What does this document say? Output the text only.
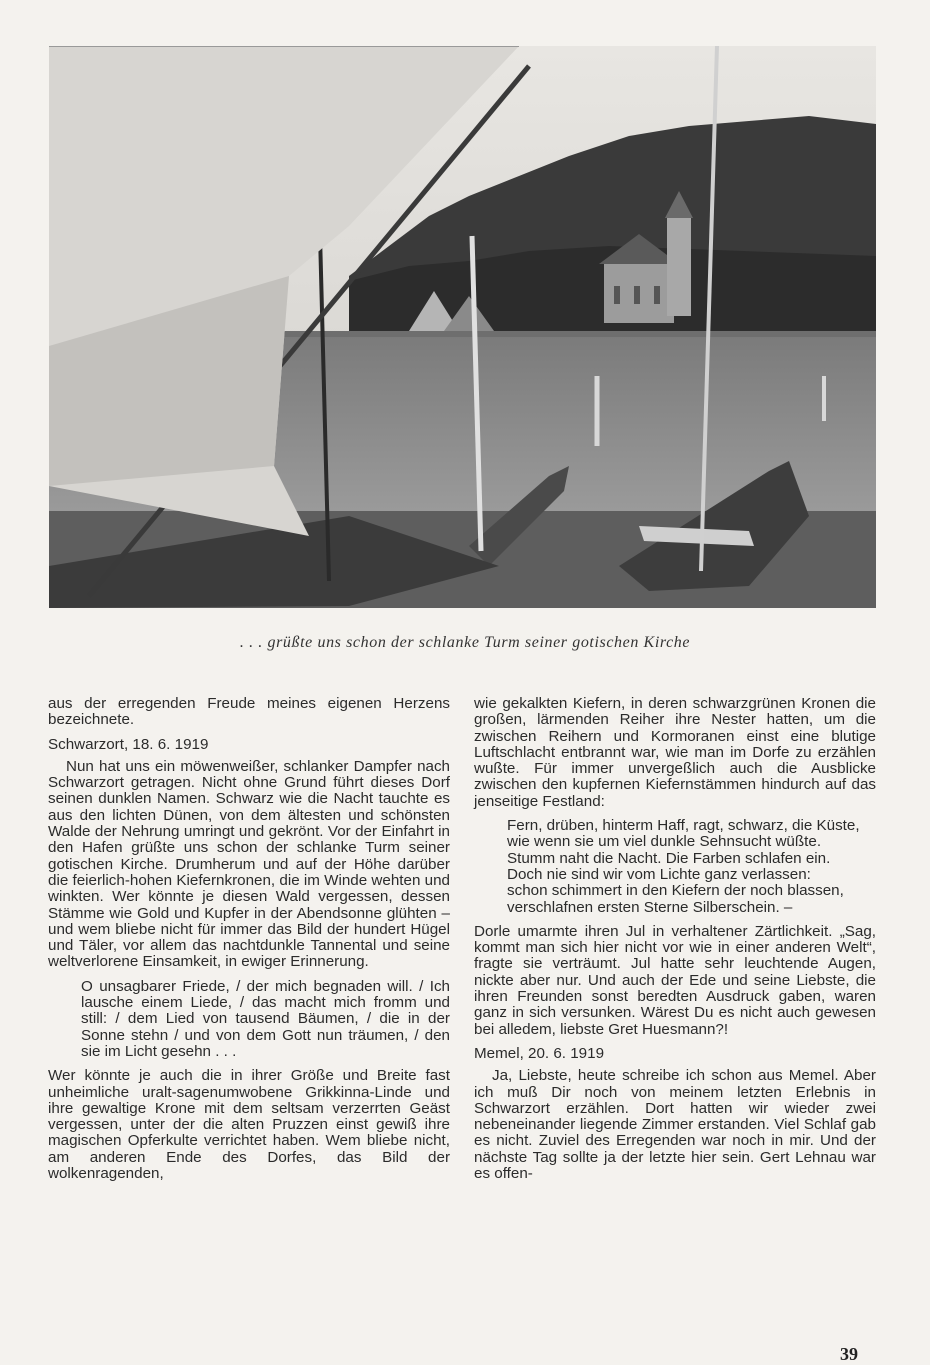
. . . grüßte uns schon der schlanke Turm seiner gotischen Kirche

aus der erregenden Freude meines eigenen Herzens bezeichnete.

Schwarzort, 18. 6. 1919

Nun hat uns ein möwenweißer, schlanker Dampfer nach Schwarzort getragen. Nicht ohne Grund führt dieses Dorf seinen dunklen Namen. Schwarz wie die Nacht tauchte es aus den lichten Dünen, von dem ältesten und schönsten Walde der Nehrung umringt und gekrönt. Vor der Einfahrt in den Hafen grüßte uns schon der schlanke Turm seiner gotischen Kirche. Drumherum und auf der Höhe darüber die feierlich-hohen Kiefernkronen, die im Winde wehten und winkten. Wer könnte je diesen Wald vergessen, dessen Stämme wie Gold und Kupfer in der Abendsonne glühten – und wem bliebe nicht für immer das Bild der hundert Hügel und Täler, vor allem das nachtdunkle Tannental und seine weltverlorene Einsamkeit, in ewiger Erinnerung.

O unsagbarer Friede, / der mich begnaden will. / Ich lausche einem Liede, / das macht mich fromm und still: / dem Lied von tausend Bäumen, / die in der Sonne stehn / und von dem Gott nun träumen, / den sie im Licht gesehn . . .

Wer könnte je auch die in ihrer Größe und Breite fast unheimliche uralt-sagenumwobene Grikkinna-Linde und ihre gewaltige Krone mit dem seltsam verzerrten Geäst vergessen, unter der die alten Pruzzen einst gewiß ihre magischen Opferkulte verrichtet haben. Wem bliebe nicht, am anderen Ende des Dorfes, das Bild der wolkenragenden,

wie gekalkten Kiefern, in deren schwarzgrünen Kronen die großen, lärmenden Reiher ihre Nester hatten, um die zwischen Reihern und Kormoranen einst eine blutige Luftschlacht entbrannt war, wie man im Dorfe zu erzählen wußte. Für immer unvergeßlich auch die Ausblicke zwischen den kupfernen Kiefernstämmen hindurch auf das jenseitige Festland:

Fern, drüben, hinterm Haff, ragt, schwarz, die Küste,
wie wenn sie um viel dunkle Sehnsucht wüßte.
Stumm naht die Nacht. Die Farben schlafen ein.
Doch nie sind wir vom Lichte ganz verlassen:
schon schimmert in den Kiefern der noch blassen,
verschlafnen ersten Sterne Silberschein. –

Dorle umarmte ihren Jul in verhaltener Zärtlichkeit. „Sag, kommt man sich hier nicht vor wie in einer anderen Welt“, fragte sie verträumt. Jul hatte sehr leuchtende Augen, nickte aber nur. Und auch der Ede und seine Liebste, die ihren Freunden sonst beredten Ausdruck gaben, waren ganz in sich versunken. Wärest Du es nicht auch gewesen bei alledem, liebste Gret Huesmann?!

Memel, 20. 6. 1919

Ja, Liebste, heute schreibe ich schon aus Memel. Aber ich muß Dir noch von meinem letzten Erlebnis in Schwarzort erzählen. Dort hatten wir wieder zwei nebeneinander liegende Zimmer erstanden. Viel Schlaf gab es nicht. Zuviel des Erregenden war noch in mir. Und der nächste Tag sollte ja der letzte hier sein. Gert Lehnau war es offen-

39
